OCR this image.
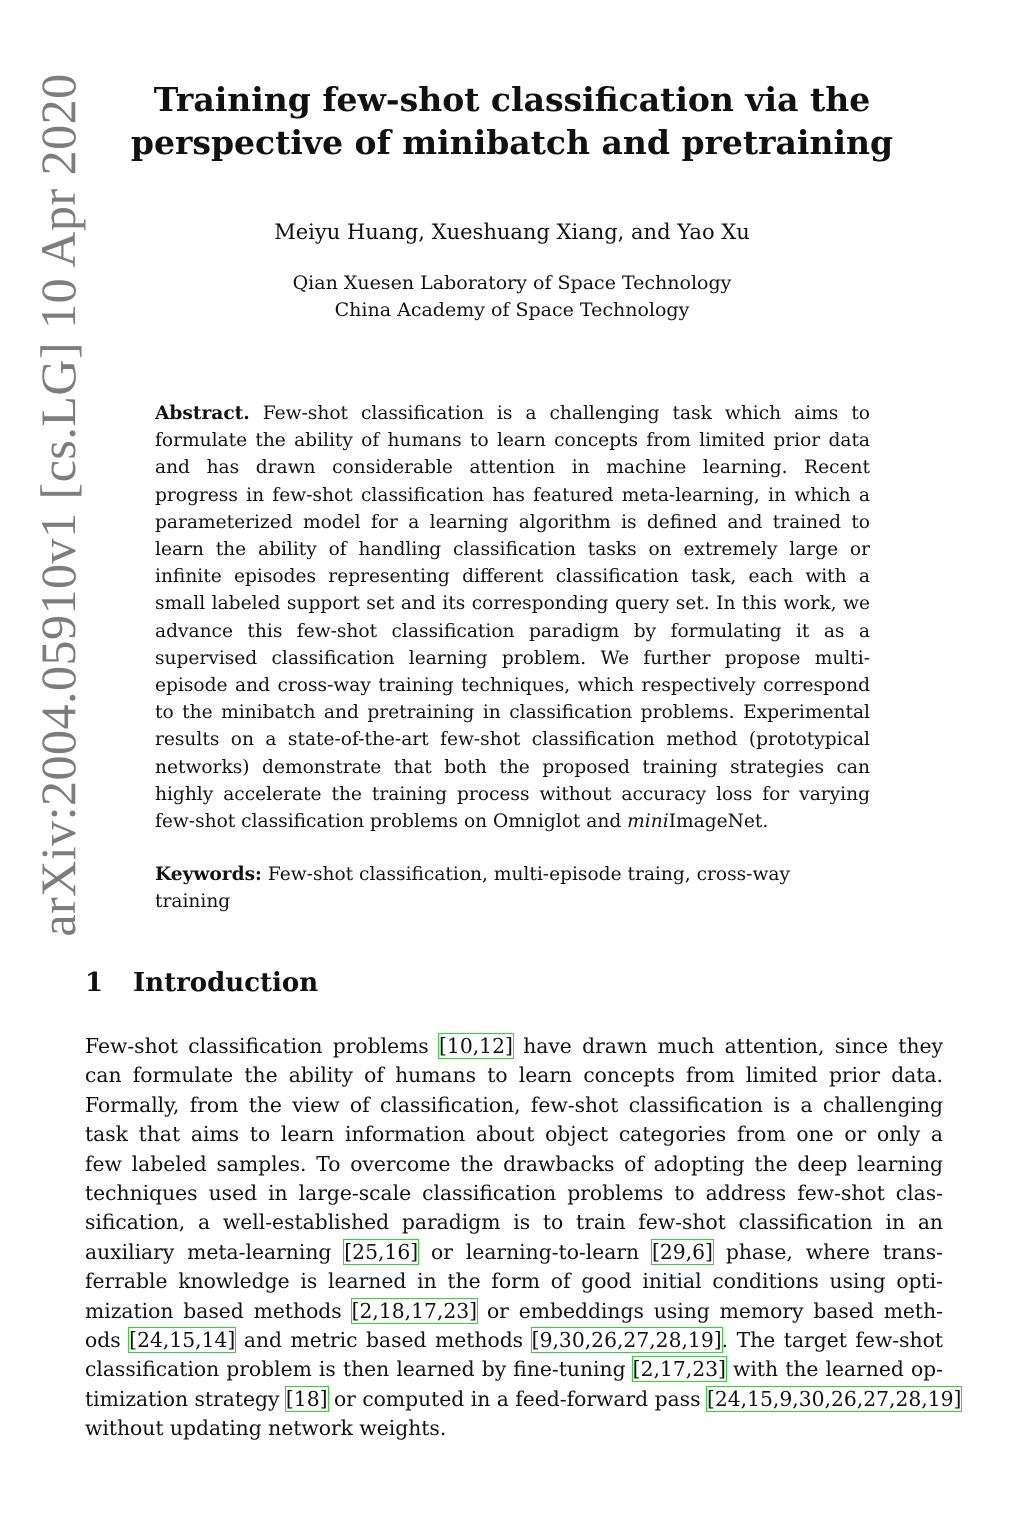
arXiv:2004.05910v1 [cs.LG] 10 Apr 2020	Training few-shot classification via the
perspective of minibatch and pretraining
Meiyu Huang, Xueshuang Xiang, and Yao Xu
Qian Xuesen Laboratory of Space Technology
China Academy of Space Technology
Abstract. Few-shot classification is a challenging task which aims to formulate the ability of humans to learn concepts from limited prior data and has drawn considerable attention in machine learning. Recent progress in few-shot classification has featured meta-learning, in which a parameterized model for a learning algorithm is defined and trained to learn the ability of handling classification tasks on extremely large or infinite episodes representing different classification task, each with a small labeled support set and its corresponding query set. In this work, we advance this few-shot classification paradigm by formulating it as a supervised classification learning problem. We further propose multi-episode and cross-way training techniques, which respectively correspond to the minibatch and pretraining in classification problems. Experimental results on a state-of-the-art few-shot classification method (prototypical networks) demonstrate that both the proposed training strategies can highly accelerate the training process without accuracy loss for varying few-shot classification problems on Omniglot and miniImageNet.
Keywords: Few-shot classification, multi-episode traing, cross-way training
1 Introduction
Few-shot classification problems [10,12] have drawn much attention, since they
can formulate the ability of humans to learn concepts from limited prior data.
Formally, from the view of classification, few-shot classification is a challenging
task that aims to learn information about object categories from one or only a
few labeled samples. To overcome the drawbacks of adopting the deep learning
techniques used in large-scale classification problems to address few-shot clas-
sification, a well-established paradigm is to train few-shot classification in an
auxiliary meta-learning [25,16] or learning-to-learn [29,6] phase, where trans-
ferrable knowledge is learned in the form of good initial conditions using opti-
mization based methods [2,18,17,23] or embeddings using memory based meth-
ods [24,15,14] and metric based methods [9,30,26,27,28,19]. The target few-shot
classification problem is then learned by fine-tuning [2,17,23] with the learned op-
timization strategy [18] or computed in a feed-forward pass [24,15,9,30,26,27,28,19]
without updating network weights.
